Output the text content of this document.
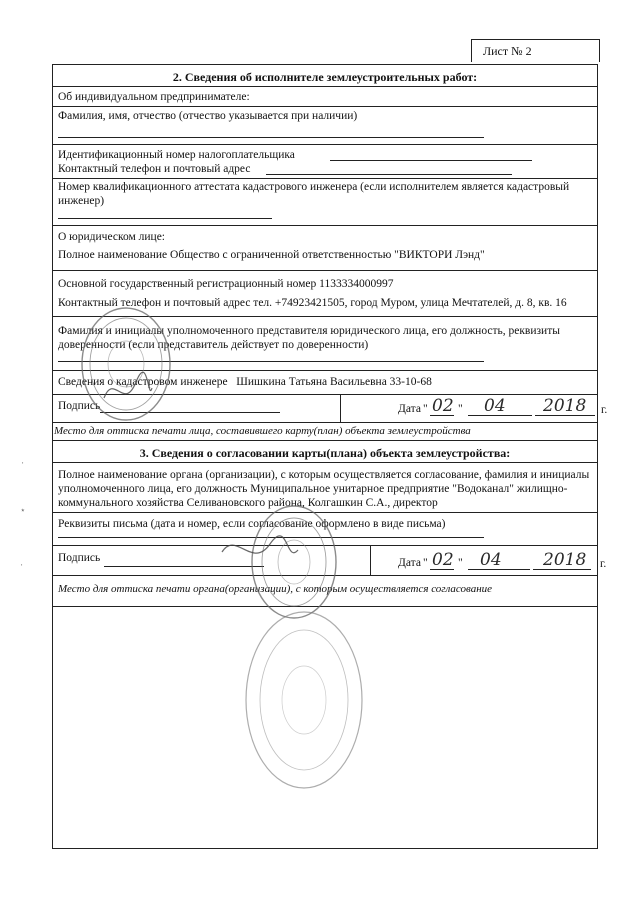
Лист № 2
2. Сведения об исполнителе землеустроительных работ:
Об индивидуальном предпринимателе:
Фамилия, имя, отчество (отчество указывается при наличии)
Идентификационный номер налогоплательщика
Контактный телефон и почтовый адрес
Номер квалификационного аттестата кадастрового инженера (если исполнителем является кадастровый инженер)
О юридическом лице:
Полное наименование Общество с ограниченной ответственностью "ВИКТОРИ Лэнд"
Основной государственный регистрационный номер 1133334000997
Контактный телефон и почтовый адрес тел. +74923421505, город Муром, улица Мечтателей, д. 8, кв. 16
Фамилия и инициалы уполномоченного представителя юридического лица, его должность, реквизиты доверенности (если представитель действует по доверенности)
Сведения о кадастровом инженере Шишкина Татьяна Васильевна 33-10-68
Подпись	Дата " 02 " 04 2018 г.
Место для оттиска печати лица, составившего карту(план) объекта землеустройства
3. Сведения о согласовании карты(плана) объекта землеустройства:
Полное наименование органа (организации), с которым осуществляется согласование, фамилия и инициалы уполномоченного лица, его должность Муниципальное унитарное предприятие "Водоканал" жилищно-коммунального хозяйства Селивановского района, Колгашкин С.А., директор
Реквизиты письма (дата и номер, если согласование оформлено в виде письма)
Подпись	Дата " 02 " 04 2018 г.
Место для оттиска печати органа(организации), с которым осуществляется согласование
⋅
⋆
⋅
